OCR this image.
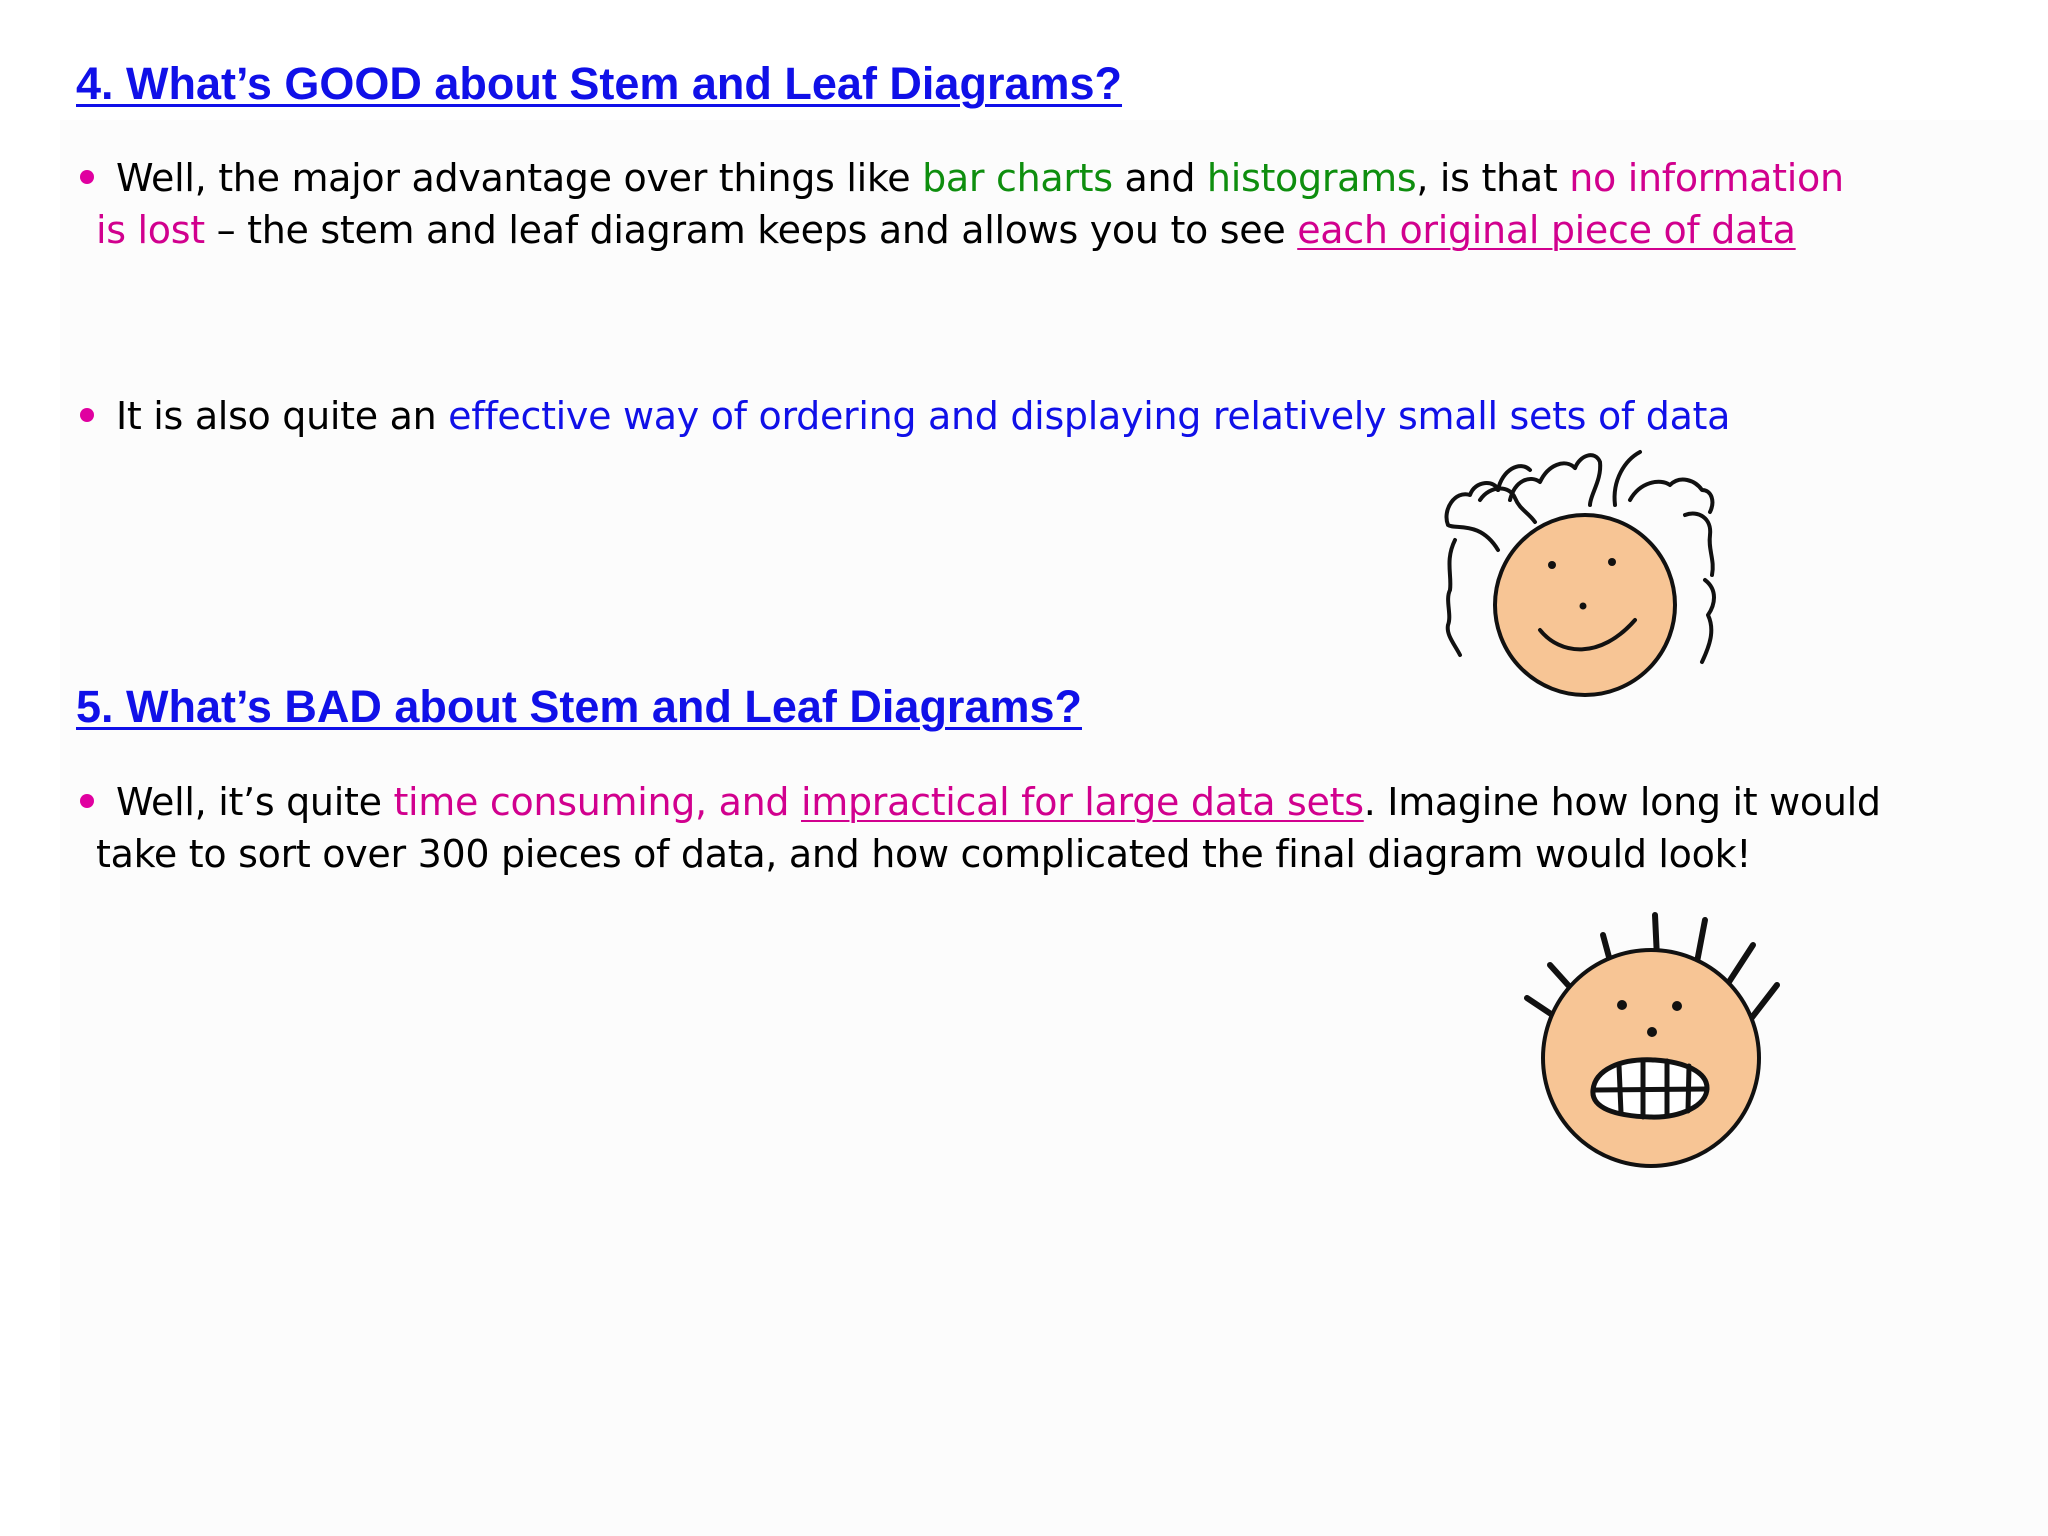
4. What’s GOOD about Stem and Leaf Diagrams?
Well, the major advantage over things like bar charts and histograms, is that no information
is lost – the stem and leaf diagram keeps and allows you to see each original piece of data
It is also quite an effective way of ordering and displaying relatively small sets of data
5. What’s BAD about Stem and Leaf Diagrams?
Well, it’s quite time consuming, and impractical for large data sets. Imagine how long it would
take to sort over 300 pieces of data, and how complicated the final diagram would look!
